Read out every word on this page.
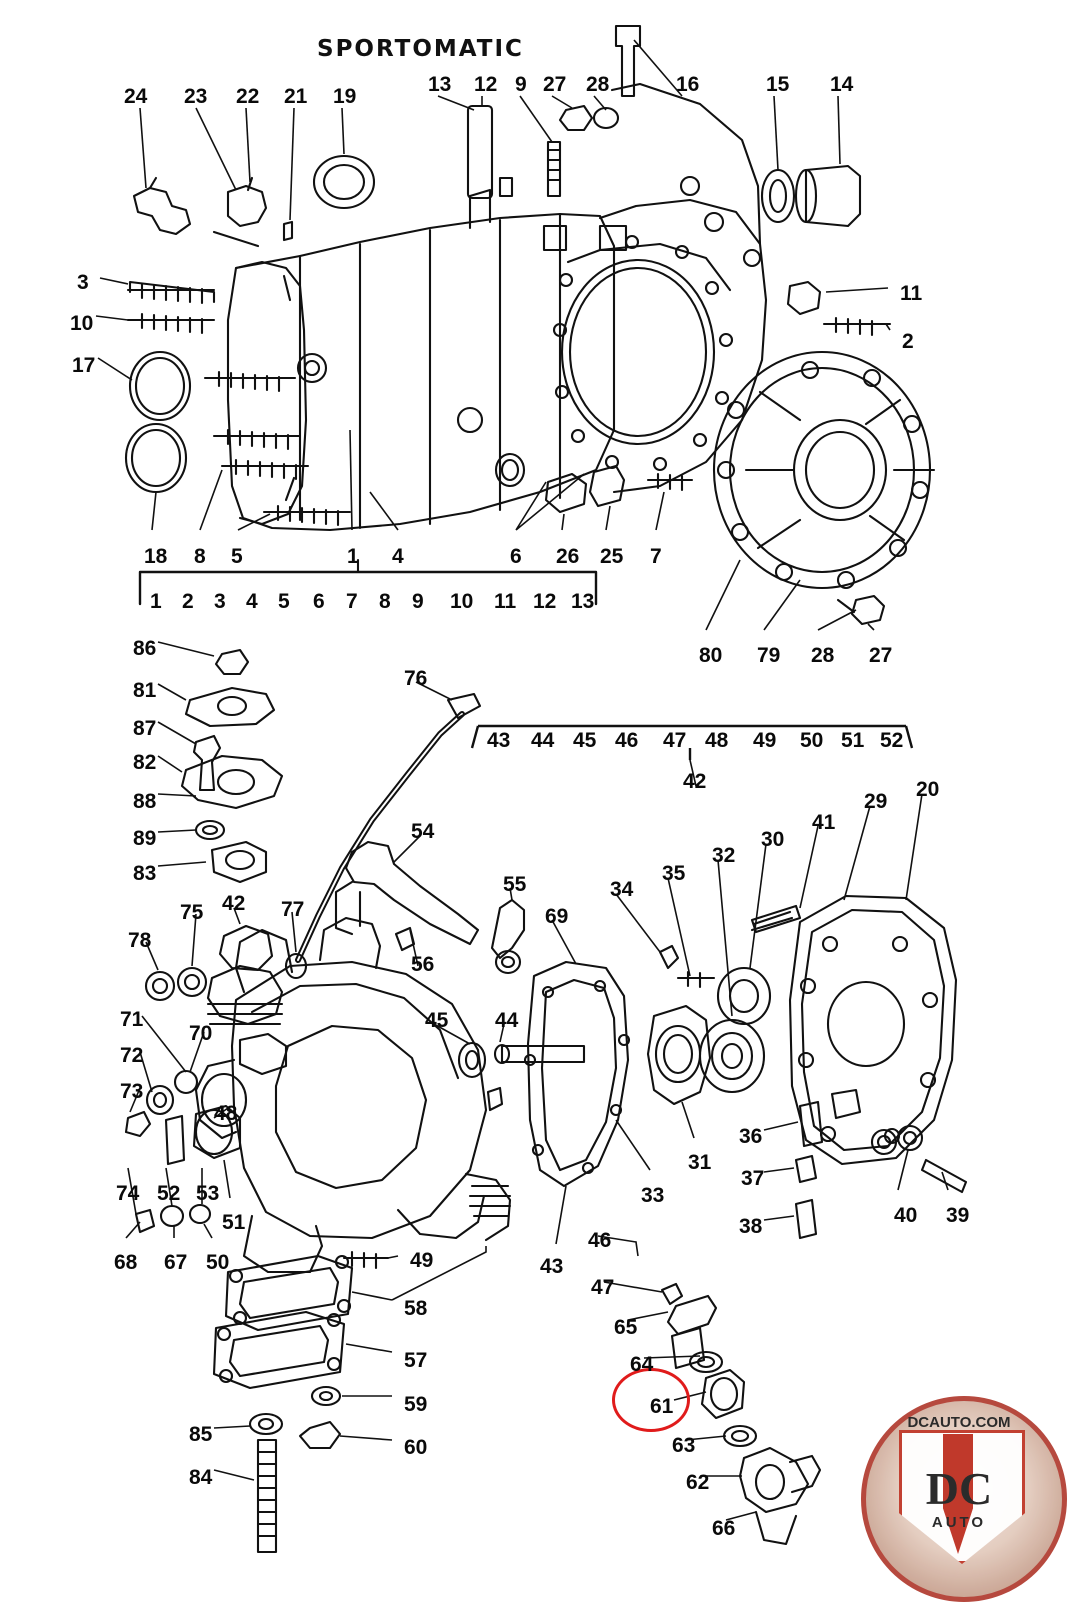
SPORTOMATIC
24 23 22 21 19
13 12 9 27 28	16	15 14
3
10
17
11
2
18 8 5	1 4	6 26 25 7
1 2 3 4 5 6 7 8 9 10 11 12 13
80 79 28 27
86
81
87
82
88
89
83
76
43 44 45 46 47 48 49 50 51 52
42	20
29
41
30
32
35
34
54
55
69
75 42 77
78
56
71
70
72
73
48
45 44
31
36
37
38	40 39
33
74 52 53
51
68 67 50	49
58
57
59
60
85
84
43
46
47
65
64
61
63
62
66
DCAUTO.COM
DC
AUTO
